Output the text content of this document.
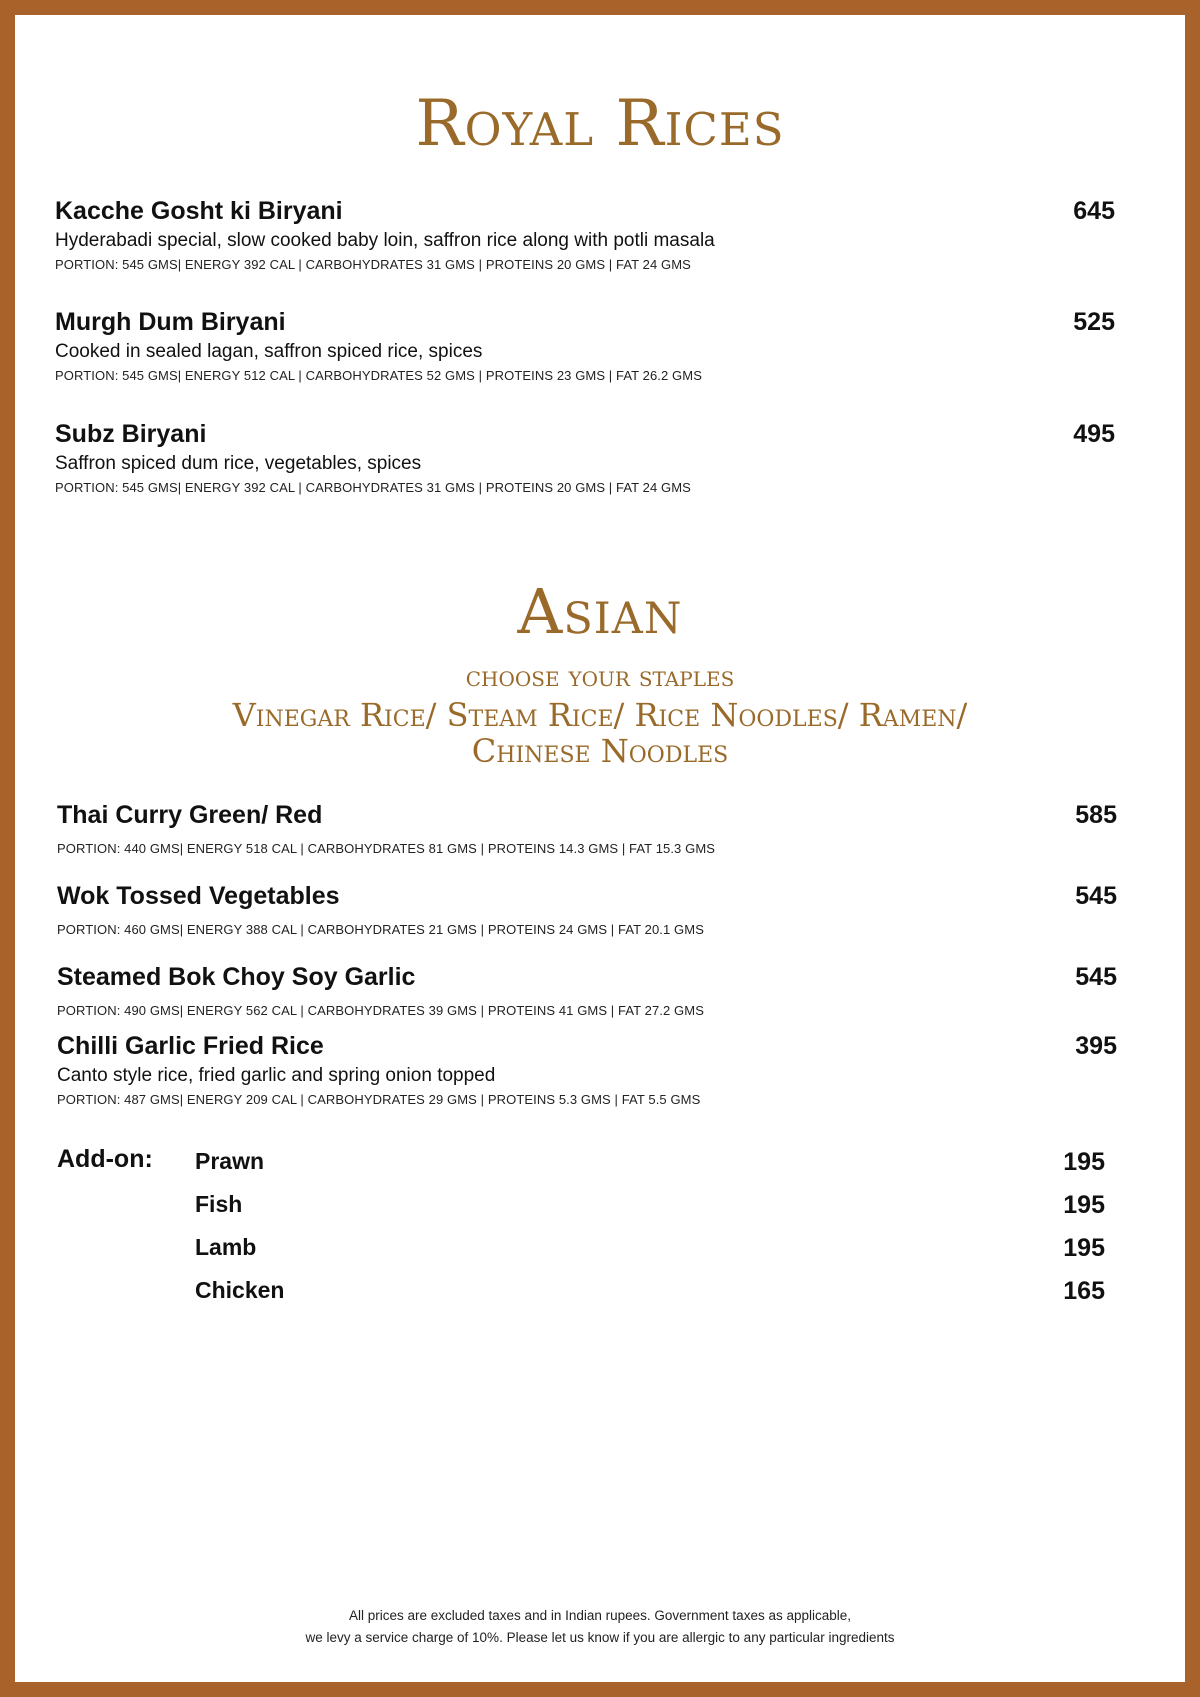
Royal Rices
Kacche Gosht ki Biryani	645
Hyderabadi special, slow cooked baby loin, saffron rice along with potli masala
PORTION: 545 GMS| ENERGY 392 CAL | CARBOHYDRATES 31 GMS | PROTEINS 20 GMS | FAT 24 GMS
Murgh Dum Biryani	525
Cooked in sealed lagan, saffron spiced rice, spices
PORTION: 545 GMS| ENERGY 512 CAL | CARBOHYDRATES 52 GMS | PROTEINS 23 GMS | FAT 26.2 GMS
Subz Biryani	495
Saffron spiced dum rice, vegetables, spices
PORTION: 545 GMS| ENERGY 392 CAL | CARBOHYDRATES 31 GMS | PROTEINS 20 GMS | FAT 24 GMS
Asian
choose your staples
Vinegar Rice/ Steam Rice/ Rice Noodles/ Ramen/
Chinese Noodles
Thai Curry Green/ Red	585
PORTION: 440 GMS| ENERGY 518 CAL | CARBOHYDRATES 81 GMS | PROTEINS 14.3 GMS | FAT 15.3 GMS
Wok Tossed Vegetables	545
PORTION: 460 GMS| ENERGY 388 CAL | CARBOHYDRATES 21 GMS | PROTEINS 24 GMS | FAT 20.1 GMS
Steamed Bok Choy Soy Garlic	545
PORTION: 490 GMS| ENERGY 562 CAL | CARBOHYDRATES 39 GMS | PROTEINS 41 GMS | FAT 27.2 GMS
Chilli Garlic Fried Rice	395
Canto style rice, fried garlic and spring onion topped
PORTION: 487 GMS| ENERGY 209 CAL | CARBOHYDRATES 29 GMS | PROTEINS 5.3 GMS | FAT 5.5 GMS
Add-on: Prawn	195
Fish	195
Lamb	195
Chicken	165
All prices are excluded taxes and in Indian rupees. Government taxes as applicable,
we levy a service charge of 10%. Please let us know if you are allergic to any particular ingredients
